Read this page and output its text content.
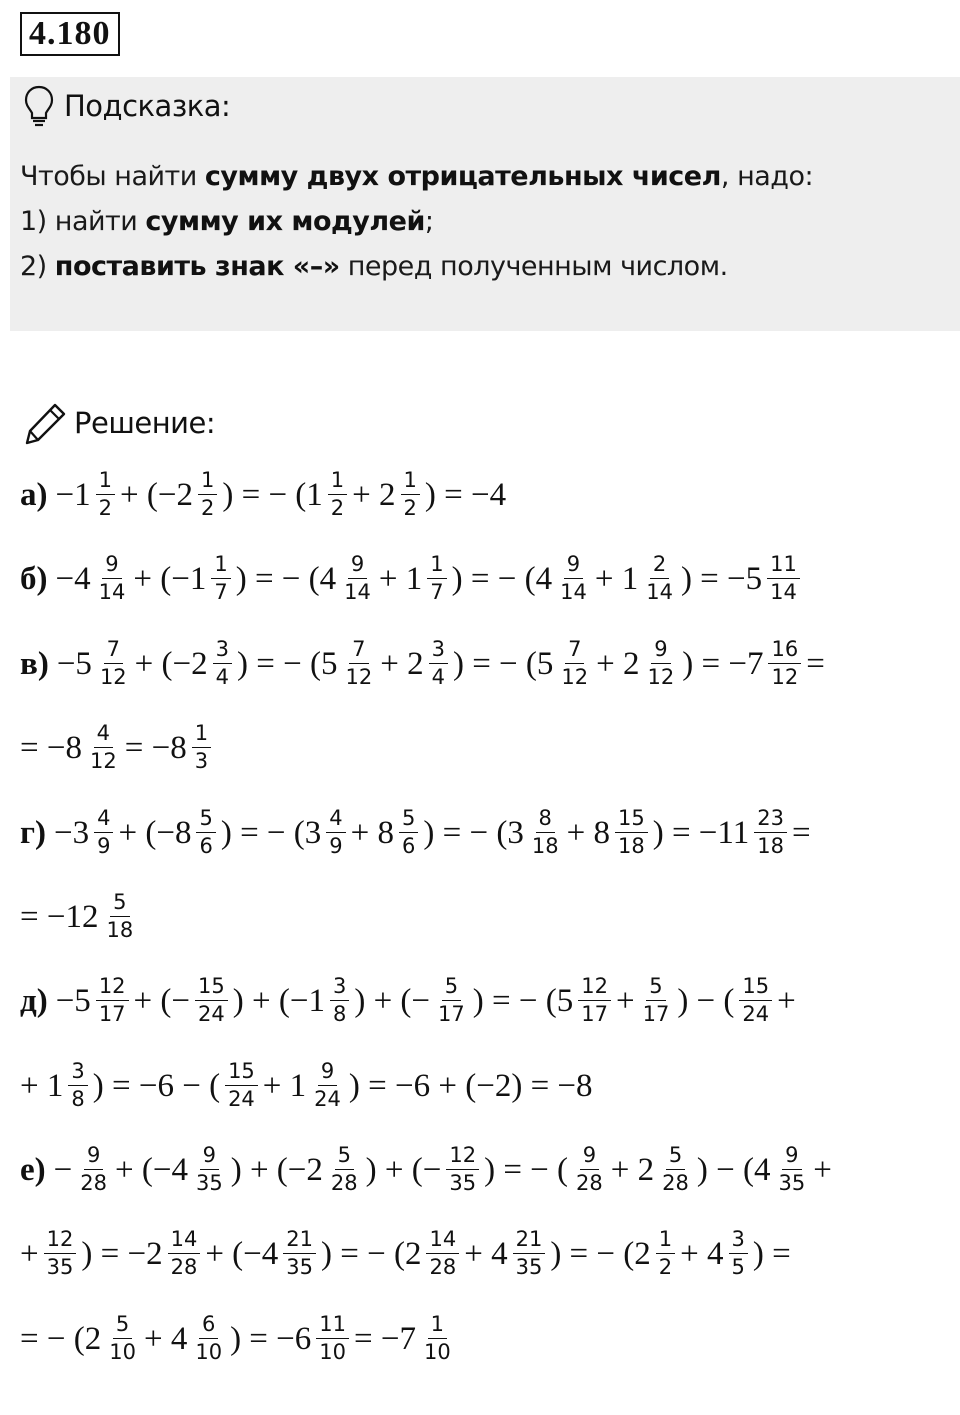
4.180
Подсказка:
Чтобы найти сумму двух отрицательных чисел, надо:
1) найти сумму их модулей;
2) поставить знак «–» перед полученным числом.
Решение:
$а) -1 \frac{1}{2} + (-2 \frac{1}{2}$ ) = − ($1 \frac{1}{2} + 2 \frac{1}{2}$ ) = −4
$б) -4 \frac{9}{14} + (-1 \frac{1}{7}$ ) = − ($4 \frac{9}{14} + 1 \frac{1}{7}$ ) = − ($4 \frac{9}{14} + 1 \frac{2}{14}$ ) = $-5 \frac{11}{14}$
$в) -5 \frac{7}{12} + (-2 \frac{3}{4}$ ) = − ($5 \frac{7}{12} + 2 \frac{3}{4}$ ) = − ($5 \frac{7}{12} + 2 \frac{9}{12}$ ) = $-7 \frac{16}{12}$ =
= $-8 \frac{4}{12} = -8 \frac{1}{3}$
$г) -3 \frac{4}{9} + (-8 \frac{5}{6}$ ) = − ($3 \frac{4}{9} + 8 \frac{5}{6}$ ) = − ($3 \frac{8}{18} + 8 \frac{15}{18}$ ) = $-11 \frac{23}{18}$ =
= $-12 \frac{5}{18}$
$д) -5 \frac{12}{17}$ + (− $\frac{15}{24}$ ) + ($-1 \frac{3}{8}$ ) + (− $\frac{5}{17}$ ) = − ($5 \frac{12}{17} + \frac{5}{17}$ ) − ( $\frac{15}{24}$ +
+ $1 \frac{3}{8}$ ) = −6 − ( $\frac{15}{24} + 1 \frac{9}{24}$ ) = −6 + (−2) = −8
$е) - \frac{9}{28} + (-4 \frac{9}{35}$ ) + ($-2 \frac{5}{28}$ ) + (− $\frac{12}{35}$ ) = − ( $\frac{9}{28} + 2 \frac{5}{28}$ ) − ($4 \frac{9}{35}$ +
+ $\frac{12}{35}$ ) = $-2 \frac{14}{28} + (-4 \frac{21}{35}$ ) = − ($2 \frac{14}{28} + 4 \frac{21}{35}$ ) = − ($2 \frac{1}{2} + 4 \frac{3}{5}$ ) =
= − ($2 \frac{5}{10} + 4 \frac{6}{10}$ ) = $-6 \frac{11}{10} = -7 \frac{1}{10}$
